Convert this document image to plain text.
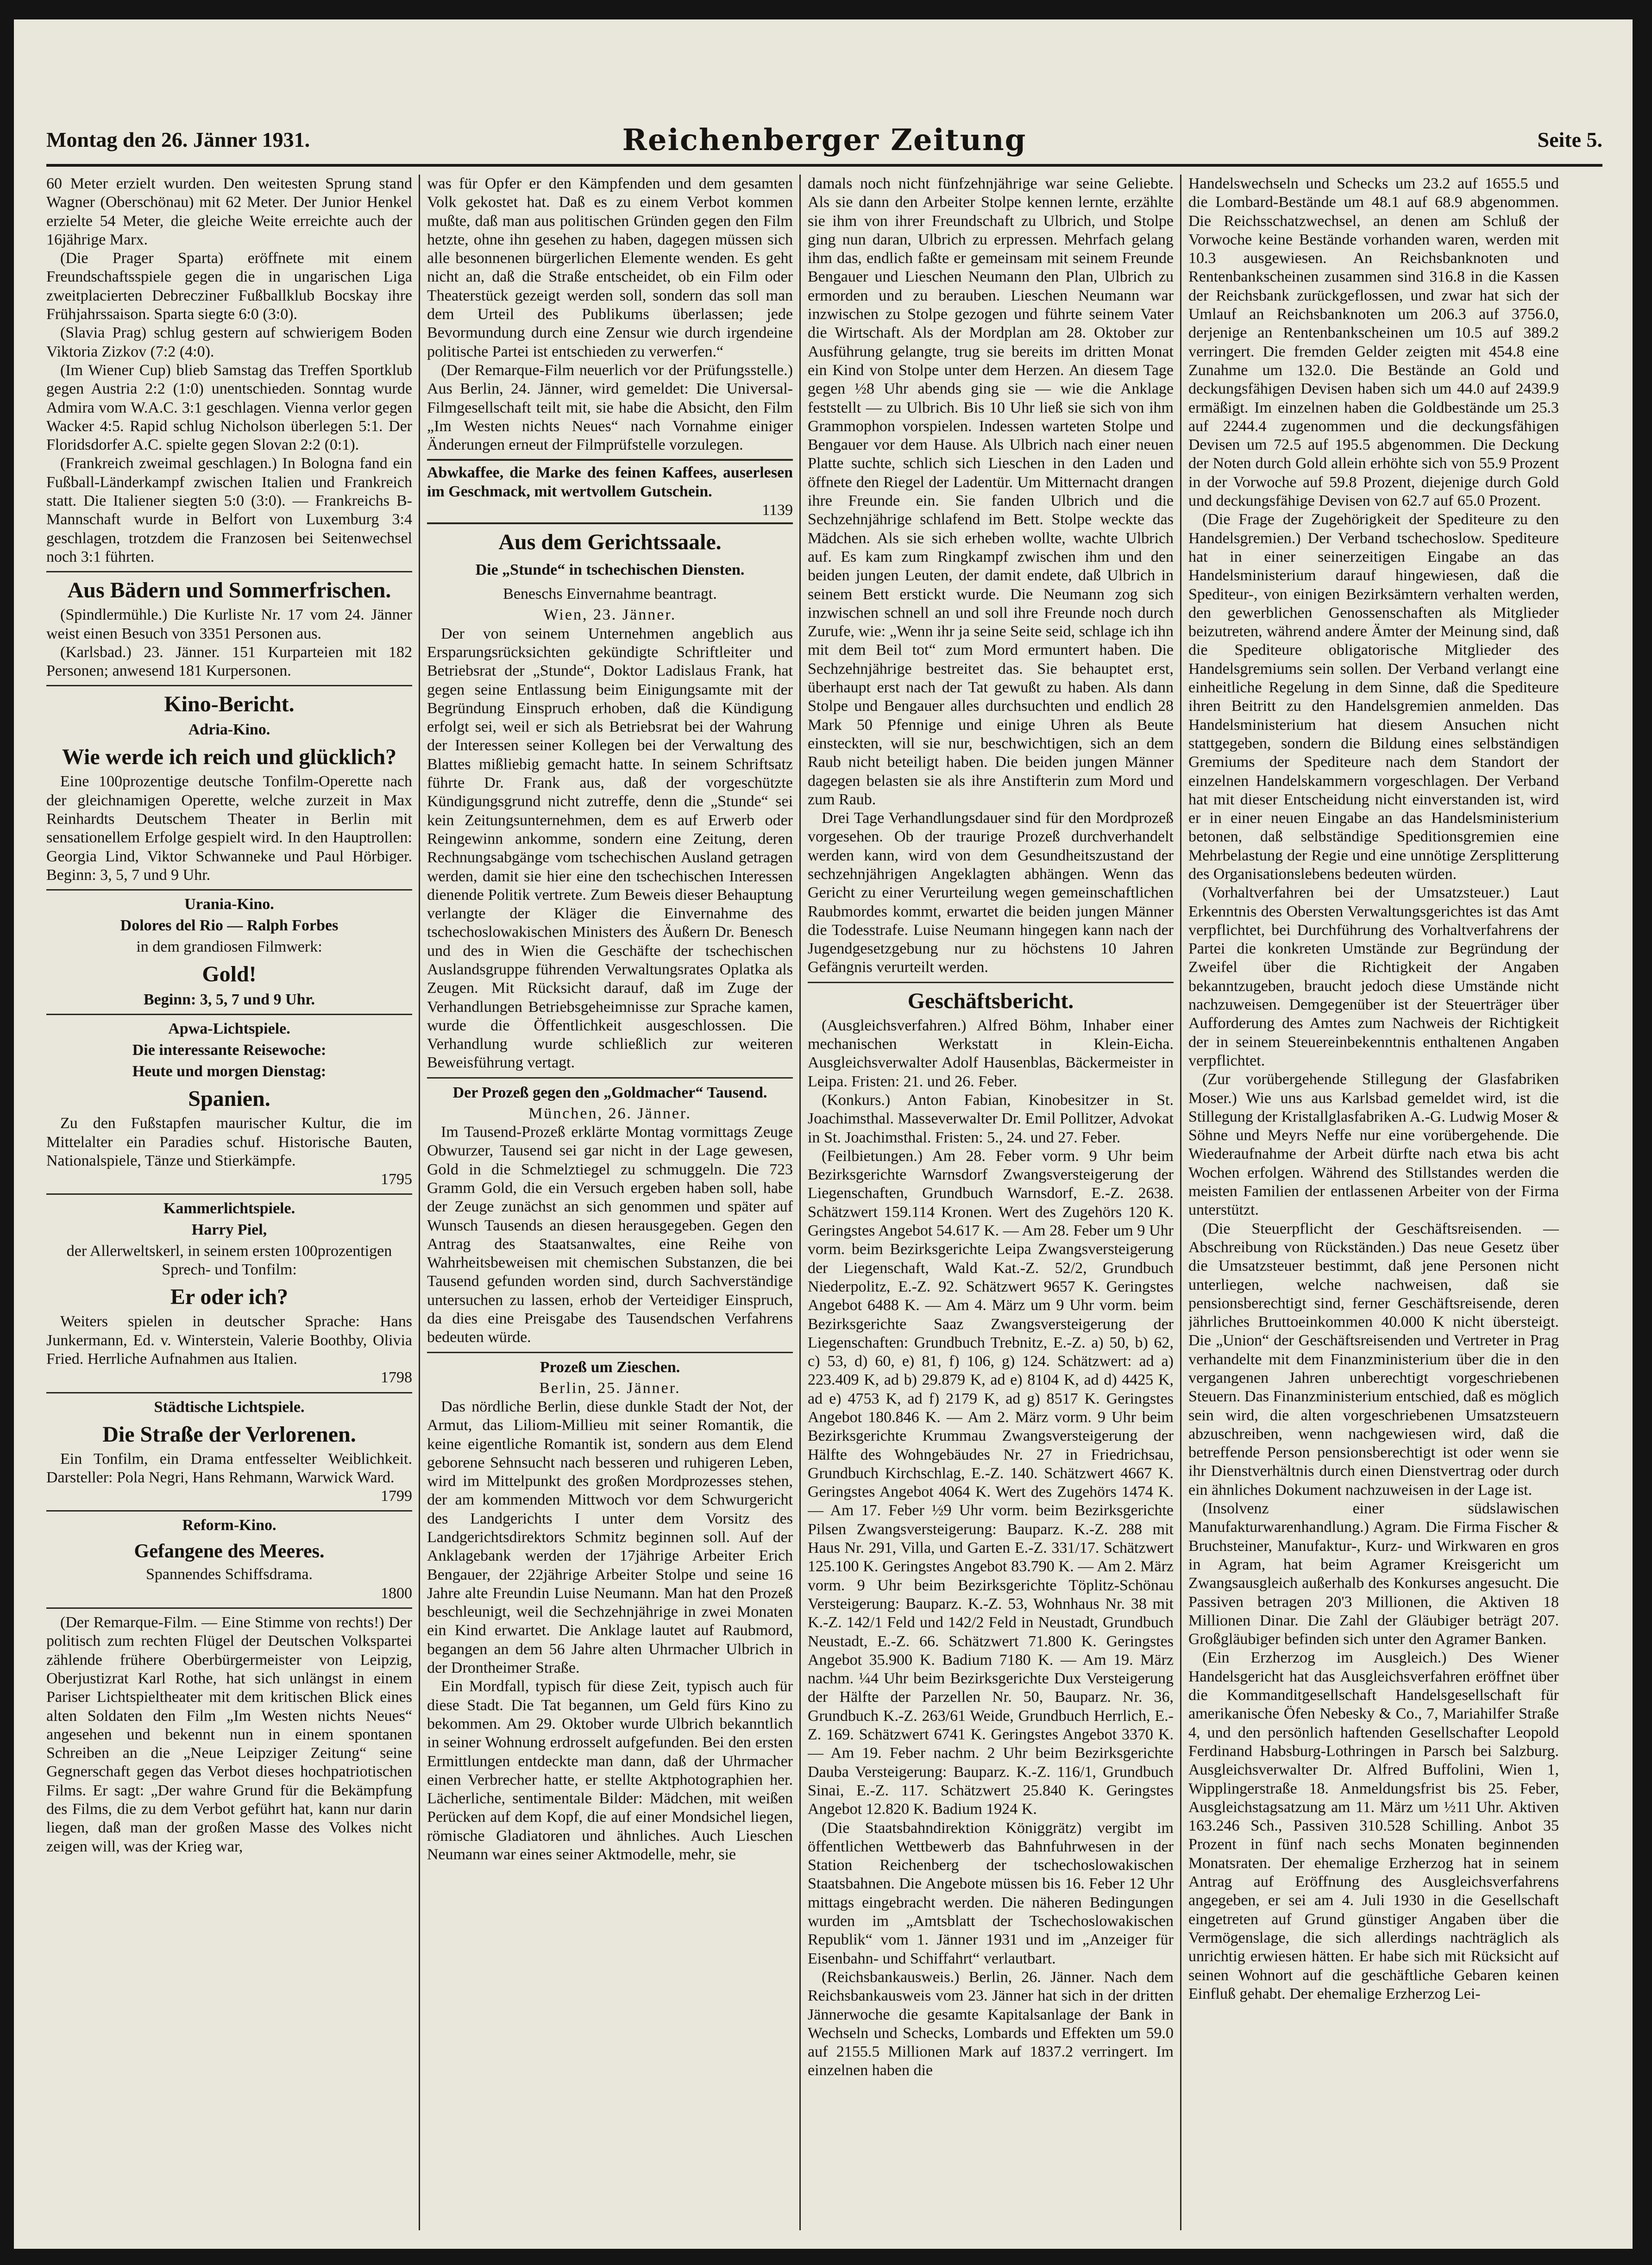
Montag den 26. Jänner 1931.	Reichenberger Zeitung	Seite 5.

60 Meter erzielt wurden. Den weitesten Sprung stand Wagner (Oberschönau) mit 62 Meter. Der Junior Henkel erzielte 54 Meter, die gleiche Weite erreichte auch der 16jährige Marx.

(Die Prager Sparta) eröffnete mit einem Freundschaftsspiele gegen die in ungarischen Liga zweitplacierten Debrecziner Fußballklub Bocskay ihre Frühjahrssaison. Sparta siegte 6:0 (3:0).

(Slavia Prag) schlug gestern auf schwierigem Boden Viktoria Zizkov (7:2 (4:0).

(Im Wiener Cup) blieb Samstag das Treffen Sportklub gegen Austria 2:2 (1:0) unentschieden. Sonntag wurde Admira vom W.A.C. 3:1 geschlagen. Vienna verlor gegen Wacker 4:5. Rapid schlug Nicholson überlegen 5:1. Der Floridsdorfer A.C. spielte gegen Slovan 2:2 (0:1).

(Frankreich zweimal geschlagen.) In Bologna fand ein Fußball-Länderkampf zwischen Italien und Frankreich statt. Die Italiener siegten 5:0 (3:0). — Frankreichs B-Mannschaft wurde in Belfort von Luxemburg 3:4 geschlagen, trotzdem die Franzosen bei Seitenwechsel noch 3:1 führten.

Aus Bädern und Sommerfrischen.

(Spindlermühle.) Die Kurliste Nr. 17 vom 24. Jänner weist einen Besuch von 3351 Personen aus.

(Karlsbad.) 23. Jänner. 151 Kurparteien mit 182 Personen; anwesend 181 Kurpersonen.

Kino-Bericht.
Adria-Kino.
Wie werde ich reich und glücklich?

Eine 100prozentige deutsche Tonfilm-Operette nach der gleichnamigen Operette, welche zurzeit in Max Reinhardts Deutschem Theater in Berlin mit sensationellem Erfolge gespielt wird. In den Hauptrollen: Georgia Lind, Viktor Schwanneke und Paul Hörbiger. Beginn: 3, 5, 7 und 9 Uhr.

Urania-Kino.
Dolores del Rio — Ralph Forbes
in dem grandiosen Filmwerk:
Gold!
Beginn: 3, 5, 7 und 9 Uhr.
Apwa-Lichtspiele.
Die interessante Reisewoche:
Heute und morgen Dienstag:
Spanien.

Zu den Fußstapfen maurischer Kultur, die im Mittelalter ein Paradies schuf. Historische Bauten, Nationalspiele, Tänze und Stierkämpfe.

1795
Kammerlichtspiele.
Harry Piel,
der Allerweltskerl, in seinem ersten 100prozentigen Sprech- und Tonfilm:
Er oder ich?

Weiters spielen in deutscher Sprache: Hans Junkermann, Ed. v. Winterstein, Valerie Boothby, Olivia Fried. Herrliche Aufnahmen aus Italien.

1798
Städtische Lichtspiele.
Die Straße der Verlorenen.

Ein Tonfilm, ein Drama entfesselter Weiblichkeit. Darsteller: Pola Negri, Hans Rehmann, Warwick Ward.

1799
Reform-Kino.
Gefangene des Meeres.
Spannendes Schiffsdrama.
1800

(Der Remarque-Film. — Eine Stimme von rechts!) Der politisch zum rechten Flügel der Deutschen Volkspartei zählende frühere Oberbürgermeister von Leipzig, Oberjustizrat Karl Rothe, hat sich unlängst in einem Pariser Lichtspieltheater mit dem kritischen Blick eines alten Soldaten den Film „Im Westen nichts Neues“ angesehen und bekennt nun in einem spontanen Schreiben an die „Neue Leipziger Zeitung“ seine Gegnerschaft gegen das Verbot dieses hochpatriotischen Films. Er sagt: „Der wahre Grund für die Bekämpfung des Films, die zu dem Verbot geführt hat, kann nur darin liegen, daß man der großen Masse des Volkes nicht zeigen will, was der Krieg war,

was für Opfer er den Kämpfenden und dem gesamten Volk gekostet hat. Daß es zu einem Verbot kommen mußte, daß man aus politischen Gründen gegen den Film hetzte, ohne ihn gesehen zu haben, dagegen müssen sich alle besonnenen bürgerlichen Elemente wenden. Es geht nicht an, daß die Straße entscheidet, ob ein Film oder Theaterstück gezeigt werden soll, sondern das soll man dem Urteil des Publikums überlassen; jede Bevormundung durch eine Zensur wie durch irgendeine politische Partei ist entschieden zu verwerfen.“

(Der Remarque-Film neuerlich vor der Prüfungsstelle.) Aus Berlin, 24. Jänner, wird gemeldet: Die Universal-Filmgesellschaft teilt mit, sie habe die Absicht, den Film „Im Westen nichts Neues“ nach Vornahme einiger Änderungen erneut der Filmprüfstelle vorzulegen.

Abwkaffee, die Marke des feinen Kaffees, auserlesen im Geschmack, mit wertvollem Gutschein.

1139
Aus dem Gerichtssaale.
Die „Stunde“ in tschechischen Diensten.
Beneschs Einvernahme beantragt.
Wien, 23. Jänner.

Der von seinem Unternehmen angeblich aus Ersparungsrücksichten gekündigte Schriftleiter und Betriebsrat der „Stunde“, Doktor Ladislaus Frank, hat gegen seine Entlassung beim Einigungsamte mit der Begründung Einspruch erhoben, daß die Kündigung erfolgt sei, weil er sich als Betriebsrat bei der Wahrung der Interessen seiner Kollegen bei der Verwaltung des Blattes mißliebig gemacht hatte. In seinem Schriftsatz führte Dr. Frank aus, daß der vorgeschützte Kündigungsgrund nicht zutreffe, denn die „Stunde“ sei kein Zeitungsunternehmen, dem es auf Erwerb oder Reingewinn ankomme, sondern eine Zeitung, deren Rechnungsabgänge vom tschechischen Ausland getragen werden, damit sie hier eine den tschechischen Interessen dienende Politik vertrete. Zum Beweis dieser Behauptung verlangte der Kläger die Einvernahme des tschechoslowakischen Ministers des Äußern Dr. Benesch und des in Wien die Geschäfte der tschechischen Auslandsgruppe führenden Verwaltungsrates Oplatka als Zeugen. Mit Rücksicht darauf, daß im Zuge der Verhandlungen Betriebsgeheimnisse zur Sprache kamen, wurde die Öffentlichkeit ausgeschlossen. Die Verhandlung wurde schließlich zur weiteren Beweisführung vertagt.

Der Prozeß gegen den „Goldmacher“ Tausend.
München, 26. Jänner.

Im Tausend-Prozeß erklärte Montag vormittags Zeuge Obwurzer, Tausend sei gar nicht in der Lage gewesen, Gold in die Schmelztiegel zu schmuggeln. Die 723 Gramm Gold, die ein Versuch ergeben haben soll, habe der Zeuge zunächst an sich genommen und später auf Wunsch Tausends an diesen herausgegeben. Gegen den Antrag des Staatsanwaltes, eine Reihe von Wahrheitsbeweisen mit chemischen Substanzen, die bei Tausend gefunden worden sind, durch Sachverständige untersuchen zu lassen, erhob der Verteidiger Einspruch, da dies eine Preisgabe des Tausendschen Verfahrens bedeuten würde.

Prozeß um Zieschen.
Berlin, 25. Jänner.

Das nördliche Berlin, diese dunkle Stadt der Not, der Armut, das Liliom-Millieu mit seiner Romantik, die keine eigentliche Romantik ist, sondern aus dem Elend geborene Sehnsucht nach besseren und ruhigeren Leben, wird im Mittelpunkt des großen Mordprozesses stehen, der am kommenden Mittwoch vor dem Schwurgericht des Landgerichts I unter dem Vorsitz des Landgerichtsdirektors Schmitz beginnen soll. Auf der Anklagebank werden der 17jährige Arbeiter Erich Bengauer, der 22jährige Arbeiter Stolpe und seine 16 Jahre alte Freundin Luise Neumann. Man hat den Prozeß beschleunigt, weil die Sechzehnjährige in zwei Monaten ein Kind erwartet. Die Anklage lautet auf Raubmord, begangen an dem 56 Jahre alten Uhrmacher Ulbrich in der Drontheimer Straße.

Ein Mordfall, typisch für diese Zeit, typisch auch für diese Stadt. Die Tat begannen, um Geld fürs Kino zu bekommen. Am 29. Oktober wurde Ulbrich bekanntlich in seiner Wohnung erdrosselt aufgefunden. Bei den ersten Ermittlungen entdeckte man dann, daß der Uhrmacher einen Verbrecher hatte, er stellte Aktphotographien her. Lächerliche, sentimentale Bilder: Mädchen, mit weißen Perücken auf dem Kopf, die auf einer Mondsichel liegen, römische Gladiatoren und ähnliches. Auch Lieschen Neumann war eines seiner Aktmodelle, mehr, sie

damals noch nicht fünfzehnjährige war seine Geliebte. Als sie dann den Arbeiter Stolpe kennen lernte, erzählte sie ihm von ihrer Freundschaft zu Ulbrich, und Stolpe ging nun daran, Ulbrich zu erpressen. Mehrfach gelang ihm das, endlich faßte er gemeinsam mit seinem Freunde Bengauer und Lieschen Neumann den Plan, Ulbrich zu ermorden und zu berauben. Lieschen Neumann war inzwischen zu Stolpe gezogen und führte seinem Vater die Wirtschaft. Als der Mordplan am 28. Oktober zur Ausführung gelangte, trug sie bereits im dritten Monat ein Kind von Stolpe unter dem Herzen. An diesem Tage gegen ½8 Uhr abends ging sie — wie die Anklage feststellt — zu Ulbrich. Bis 10 Uhr ließ sie sich von ihm Grammophon vorspielen. Indessen warteten Stolpe und Bengauer vor dem Hause. Als Ulbrich nach einer neuen Platte suchte, schlich sich Lieschen in den Laden und öffnete den Riegel der Ladentür. Um Mitternacht drangen ihre Freunde ein. Sie fanden Ulbrich und die Sechzehnjährige schlafend im Bett. Stolpe weckte das Mädchen. Als sie sich erheben wollte, wachte Ulbrich auf. Es kam zum Ringkampf zwischen ihm und den beiden jungen Leuten, der damit endete, daß Ulbrich in seinem Bett erstickt wurde. Die Neumann zog sich inzwischen schnell an und soll ihre Freunde noch durch Zurufe, wie: „Wenn ihr ja seine Seite seid, schlage ich ihn mit dem Beil tot“ zum Mord ermuntert haben. Die Sechzehnjährige bestreitet das. Sie behauptet erst, überhaupt erst nach der Tat gewußt zu haben. Als dann Stolpe und Bengauer alles durchsuchten und endlich 28 Mark 50 Pfennige und einige Uhren als Beute einsteckten, will sie nur, beschwichtigen, sich an dem Raub nicht beteiligt haben. Die beiden jungen Männer dagegen belasten sie als ihre Anstifterin zum Mord und zum Raub.

Drei Tage Verhandlungsdauer sind für den Mordprozeß vorgesehen. Ob der traurige Prozeß durchverhandelt werden kann, wird von dem Gesundheitszustand der sechzehnjährigen Angeklagten abhängen. Wenn das Gericht zu einer Verurteilung wegen gemeinschaftlichen Raubmordes kommt, erwartet die beiden jungen Männer die Todesstrafe. Luise Neumann hingegen kann nach der Jugendgesetzgebung nur zu höchstens 10 Jahren Gefängnis verurteilt werden.

Geschäftsbericht.

(Ausgleichsverfahren.) Alfred Böhm, Inhaber einer mechanischen Werkstatt in Klein-Eicha. Ausgleichsverwalter Adolf Hausenblas, Bäckermeister in Leipa. Fristen: 21. und 26. Feber.

(Konkurs.) Anton Fabian, Kinobesitzer in St. Joachimsthal. Masseverwalter Dr. Emil Pollitzer, Advokat in St. Joachimsthal. Fristen: 5., 24. und 27. Feber.

(Feilbietungen.) Am 28. Feber vorm. 9 Uhr beim Bezirksgerichte Warnsdorf Zwangsversteigerung der Liegenschaften, Grundbuch Warnsdorf, E.-Z. 2638. Schätzwert 159.114 Kronen. Wert des Zugehörs 120 K. Geringstes Angebot 54.617 K. — Am 28. Feber um 9 Uhr vorm. beim Bezirksgerichte Leipa Zwangsversteigerung der Liegenschaft, Wald Kat.-Z. 52/2, Grundbuch Niederpolitz, E.-Z. 92. Schätzwert 9657 K. Geringstes Angebot 6488 K. — Am 4. März um 9 Uhr vorm. beim Bezirksgerichte Saaz Zwangsversteigerung der Liegenschaften: Grundbuch Trebnitz, E.-Z. a) 50, b) 62, c) 53, d) 60, e) 81, f) 106, g) 124. Schätzwert: ad a) 223.409 K, ad b) 29.879 K, ad e) 8104 K, ad d) 4425 K, ad e) 4753 K, ad f) 2179 K, ad g) 8517 K. Geringstes Angebot 180.846 K. — Am 2. März vorm. 9 Uhr beim Bezirksgerichte Krummau Zwangsversteigerung der Hälfte des Wohngebäudes Nr. 27 in Friedrichsau, Grundbuch Kirchschlag, E.-Z. 140. Schätzwert 4667 K. Geringstes Angebot 4064 K. Wert des Zugehörs 1474 K. — Am 17. Feber ½9 Uhr vorm. beim Bezirksgerichte Pilsen Zwangsversteigerung: Bauparz. K.-Z. 288 mit Haus Nr. 291, Villa, und Garten E.-Z. 331/17. Schätzwert 125.100 K. Geringstes Angebot 83.790 K. — Am 2. März vorm. 9 Uhr beim Bezirksgerichte Töplitz-Schönau Versteigerung: Bauparz. K.-Z. 53, Wohnhaus Nr. 38 mit K.-Z. 142/1 Feld und 142/2 Feld in Neustadt, Grundbuch Neustadt, E.-Z. 66. Schätzwert 71.800 K. Geringstes Angebot 35.900 K. Badium 7180 K. — Am 19. März nachm. ¼4 Uhr beim Bezirksgerichte Dux Versteigerung der Hälfte der Parzellen Nr. 50, Bauparz. Nr. 36, Grundbuch K.-Z. 263/61 Weide, Grundbuch Herrlich, E.-Z. 169. Schätzwert 6741 K. Geringstes Angebot 3370 K. — Am 19. Feber nachm. 2 Uhr beim Bezirksgerichte Dauba Versteigerung: Bauparz. K.-Z. 116/1, Grundbuch Sinai, E.-Z. 117. Schätzwert 25.840 K. Geringstes Angebot 12.820 K. Badium 1924 K.

(Die Staatsbahndirektion Königgrätz) vergibt im öffentlichen Wettbewerb das Bahnfuhrwesen in der Station Reichenberg der tschechoslowakischen Staatsbahnen. Die Angebote müssen bis 16. Feber 12 Uhr mittags eingebracht werden. Die näheren Bedingungen wurden im „Amtsblatt der Tschechoslowakischen Republik“ vom 1. Jänner 1931 und im „Anzeiger für Eisenbahn- und Schiffahrt“ verlautbart.

(Reichsbankausweis.) Berlin, 26. Jänner. Nach dem Reichsbankausweis vom 23. Jänner hat sich in der dritten Jännerwoche die gesamte Kapitalsanlage der Bank in Wechseln und Schecks, Lombards und Effekten um 59.0 auf 2155.5 Millionen Mark auf 1837.2 verringert. Im einzelnen haben die

Handelswechseln und Schecks um 23.2 auf 1655.5 und die Lombard-Bestände um 48.1 auf 68.9 abgenommen. Die Reichsschatzwechsel, an denen am Schluß der Vorwoche keine Bestände vorhanden waren, werden mit 10.3 ausgewiesen. An Reichsbanknoten und Rentenbankscheinen zusammen sind 316.8 in die Kassen der Reichsbank zurückgeflossen, und zwar hat sich der Umlauf an Reichsbanknoten um 206.3 auf 3756.0, derjenige an Rentenbankscheinen um 10.5 auf 389.2 verringert. Die fremden Gelder zeigten mit 454.8 eine Zunahme um 132.0. Die Bestände an Gold und deckungsfähigen Devisen haben sich um 44.0 auf 2439.9 ermäßigt. Im einzelnen haben die Goldbestände um 25.3 auf 2244.4 zugenommen und die deckungsfähigen Devisen um 72.5 auf 195.5 abgenommen. Die Deckung der Noten durch Gold allein erhöhte sich von 55.9 Prozent in der Vorwoche auf 59.8 Prozent, diejenige durch Gold und deckungsfähige Devisen von 62.7 auf 65.0 Prozent.

(Die Frage der Zugehörigkeit der Spediteure zu den Handelsgremien.) Der Verband tschechoslow. Spediteure hat in einer seinerzeitigen Eingabe an das Handelsministerium darauf hingewiesen, daß die Spediteur-, von einigen Bezirksämtern verhalten werden, den gewerblichen Genossenschaften als Mitglieder beizutreten, während andere Ämter der Meinung sind, daß die Spediteure obligatorische Mitglieder des Handelsgremiums sein sollen. Der Verband verlangt eine einheitliche Regelung in dem Sinne, daß die Spediteure ihren Beitritt zu den Handelsgremien anmelden. Das Handelsministerium hat diesem Ansuchen nicht stattgegeben, sondern die Bildung eines selbständigen Gremiums der Spediteure nach dem Standort der einzelnen Handelskammern vorgeschlagen. Der Verband hat mit dieser Entscheidung nicht einverstanden ist, wird er in einer neuen Eingabe an das Handelsministerium betonen, daß selbständige Speditionsgremien eine Mehrbelastung der Regie und eine unnötige Zersplitterung des Organisationslebens bedeuten würden.

(Vorhaltverfahren bei der Umsatzsteuer.) Laut Erkenntnis des Obersten Verwaltungsgerichtes ist das Amt verpflichtet, bei Durchführung des Vorhaltverfahrens der Partei die konkreten Umstände zur Begründung der Zweifel über die Richtigkeit der Angaben bekanntzugeben, braucht jedoch diese Umstände nicht nachzuweisen. Demgegenüber ist der Steuerträger über Aufforderung des Amtes zum Nachweis der Richtigkeit der in seinem Steuereinbekenntnis enthaltenen Angaben verpflichtet.

(Zur vorübergehende Stillegung der Glasfabriken Moser.) Wie uns aus Karlsbad gemeldet wird, ist die Stillegung der Kristallglasfabriken A.-G. Ludwig Moser & Söhne und Meyrs Neffe nur eine vorübergehende. Die Wiederaufnahme der Arbeit dürfte nach etwa bis acht Wochen erfolgen. Während des Stillstandes werden die meisten Familien der entlassenen Arbeiter von der Firma unterstützt.

(Die Steuerpflicht der Geschäftsreisenden. — Abschreibung von Rückständen.) Das neue Gesetz über die Umsatzsteuer bestimmt, daß jene Personen nicht unterliegen, welche nachweisen, daß sie pensionsberechtigt sind, ferner Geschäftsreisende, deren jährliches Bruttoeinkommen 40.000 K nicht übersteigt. Die „Union“ der Geschäftsreisenden und Vertreter in Prag verhandelte mit dem Finanzministerium über die in den vergangenen Jahren unberechtigt vorgeschriebenen Steuern. Das Finanzministerium entschied, daß es möglich sein wird, die alten vorgeschriebenen Umsatzsteuern abzuschreiben, wenn nachgewiesen wird, daß die betreffende Person pensionsberechtigt ist oder wenn sie ihr Dienstverhältnis durch einen Dienstvertrag oder durch ein ähnliches Dokument nachzuweisen in der Lage ist.

(Insolvenz einer südslawischen Manufakturwarenhandlung.) Agram. Die Firma Fischer & Bruchsteiner, Manufaktur-, Kurz- und Wirkwaren en gros in Agram, hat beim Agramer Kreisgericht um Zwangsausgleich außerhalb des Konkurses angesucht. Die Passiven betragen 20'3 Millionen, die Aktiven 18 Millionen Dinar. Die Zahl der Gläubiger beträgt 207. Großgläubiger befinden sich unter den Agramer Banken.

(Ein Erzherzog im Ausgleich.) Des Wiener Handelsgericht hat das Ausgleichsverfahren eröffnet über die Kommanditgesellschaft Handelsgesellschaft für amerikanische Öfen Nebesky & Co., 7, Mariahilfer Straße 4, und den persönlich haftenden Gesellschafter Leopold Ferdinand Habsburg-Lothringen in Parsch bei Salzburg. Ausgleichsverwalter Dr. Alfred Buffolini, Wien 1, Wipplingerstraße 18. Anmeldungsfrist bis 25. Feber, Ausgleichstagsatzung am 11. März um ½11 Uhr. Aktiven 163.246 Sch., Passiven 310.528 Schilling. Anbot 35 Prozent in fünf nach sechs Monaten beginnenden Monatsraten. Der ehemalige Erzherzog hat in seinem Antrag auf Eröffnung des Ausgleichsverfahrens angegeben, er sei am 4. Juli 1930 in die Gesellschaft eingetreten auf Grund günstiger Angaben über die Vermögenslage, die sich allerdings nachträglich als unrichtig erwiesen hätten. Er habe sich mit Rücksicht auf seinen Wohnort auf die geschäftliche Gebaren keinen Einfluß gehabt. Der ehemalige Erzherzog Lei-
